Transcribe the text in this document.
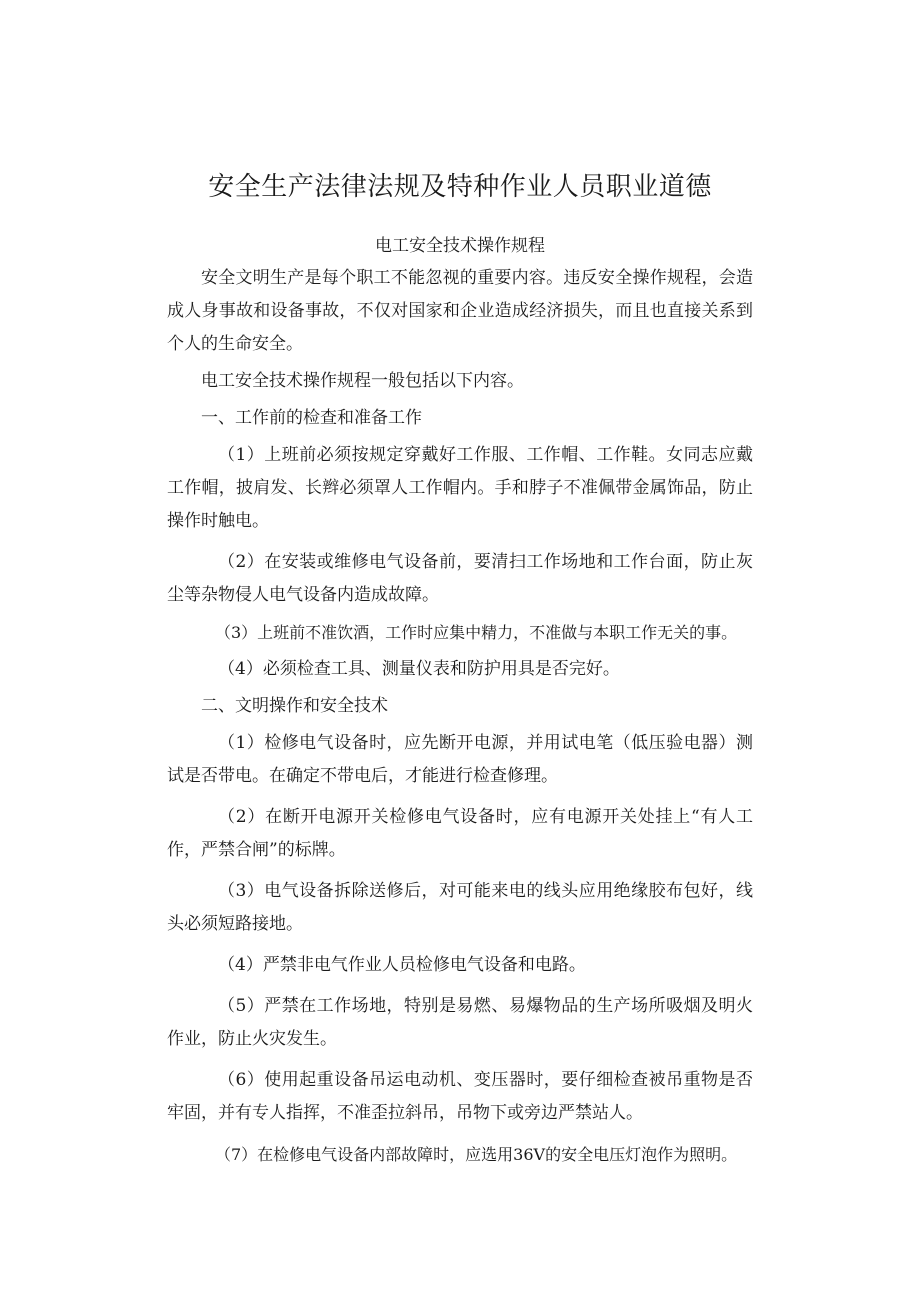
安全生产法律法规及特种作业人员职业道德
电工安全技术操作规程

安全文明生产是每个职工不能忽视的重要内容。违反安全操作规程，会造成人身事故和设备事故，不仅对国家和企业造成经济损失，而且也直接关系到个人的生命安全。

电工安全技术操作规程一般包括以下内容。

一、工作前的检查和准备工作

（1）上班前必须按规定穿戴好工作服、工作帽、工作鞋。女同志应戴工作帽，披肩发、长辫必须罩人工作帽内。手和脖子不准佩带金属饰品，防止操作时触电。

（2）在安装或维修电气设备前，要清扫工作场地和工作台面，防止灰尘等杂物侵人电气设备内造成故障。

（3）上班前不准饮酒，工作时应集中精力，不准做与本职工作无关的事。

（4）必须检查工具、测量仪表和防护用具是否完好。

二、文明操作和安全技术

（1）检修电气设备时，应先断开电源，并用试电笔（低压验电器）测试是否带电。在确定不带电后，才能进行检查修理。

（2）在断开电源开关检修电气设备时，应有电源开关处挂上“有人工作，严禁合闸”的标牌。

（3）电气设备拆除送修后，对可能来电的线头应用绝缘胶布包好，线头必须短路接地。

（4）严禁非电气作业人员检修电气设备和电路。

（5）严禁在工作场地，特别是易燃、易爆物品的生产场所吸烟及明火作业，防止火灾发生。

（6）使用起重设备吊运电动机、变压器时，要仔细检查被吊重物是否牢固，并有专人指挥，不准歪拉斜吊，吊物下或旁边严禁站人。

（7）在检修电气设备内部故障时，应选用36V的安全电压灯泡作为照明。
